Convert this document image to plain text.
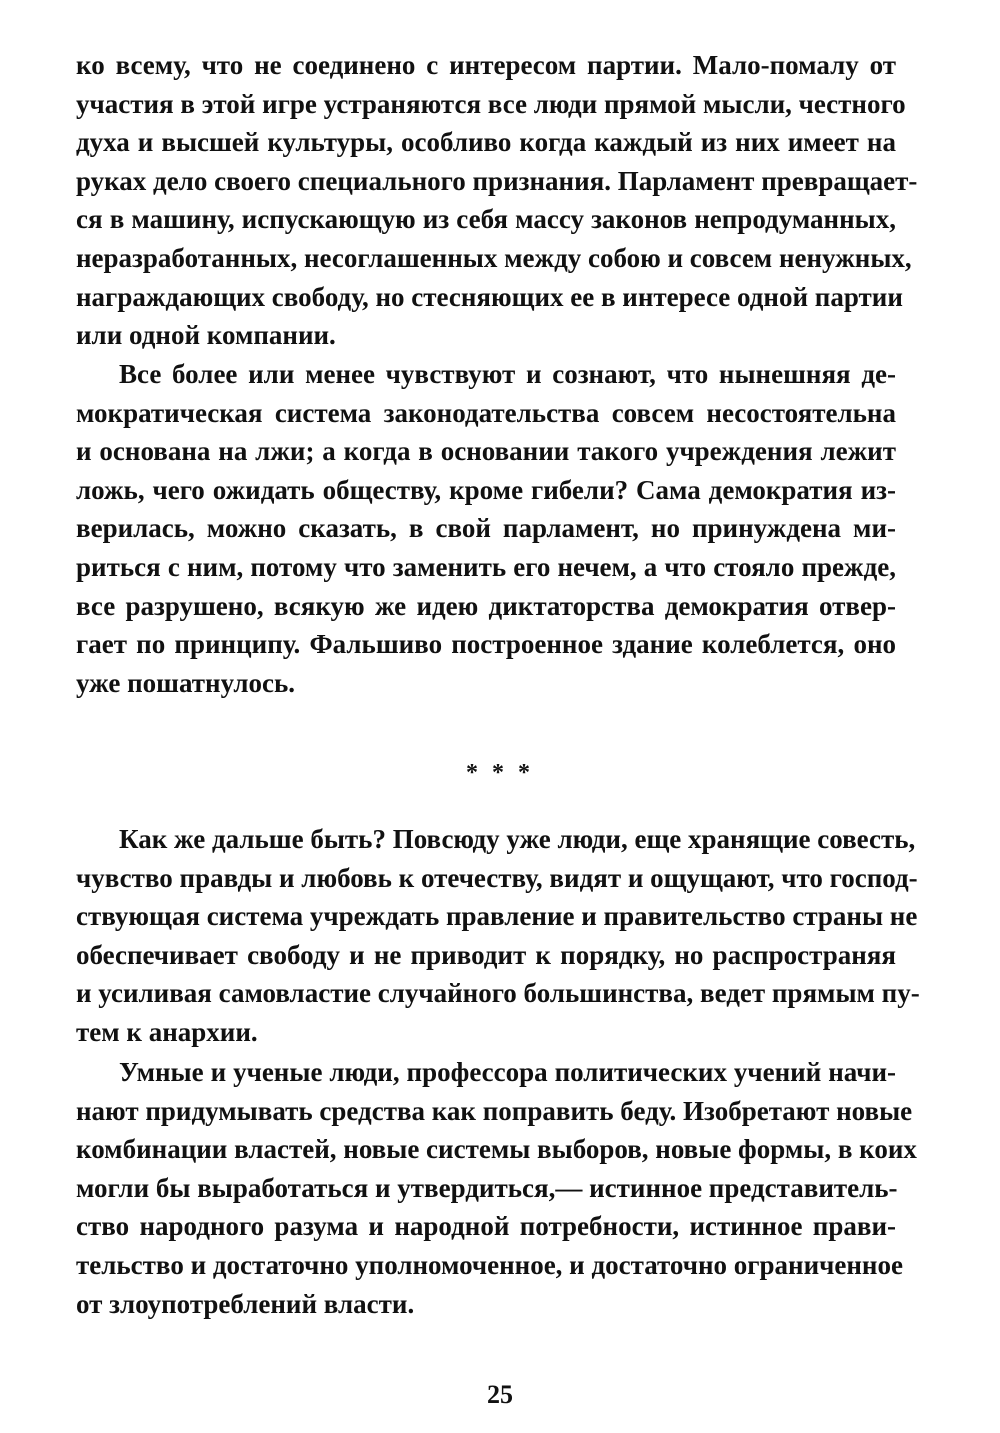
ко всему, что не соединено с интересом партии. Мало-помалу от
участия в этой игре устраняются все люди прямой мысли, честного
духа и высшей культуры, особливо когда каждый из них имеет на
руках дело своего специального признания. Парламент превращает-
ся в машину, испускающую из себя массу законов непродуманных,
неразработанных, несоглашенных между собою и совсем ненужных,
награждающих свободу, но стесняющих ее в интересе одной партии
или одной компании.
Все более или менее чувствуют и сознают, что нынешняя де-
мократическая система законодательства совсем несостоятельна
и основана на лжи; а когда в основании такого учреждения лежит
ложь, чего ожидать обществу, кроме гибели? Сама демократия из-
верилась, можно сказать, в свой парламент, но принуждена ми-
риться с ним, потому что заменить его нечем, а что стояло прежде,
все разрушено, всякую же идею диктаторства демократия отвер-
гает по принципу. Фальшиво построенное здание колеблется, оно
уже пошатнулось.
* * *
Как же дальше быть? Повсюду уже люди, еще хранящие совесть,
чувство правды и любовь к отечеству, видят и ощущают, что господ-
ствующая система учреждать правление и правительство страны не
обеспечивает свободу и не приводит к порядку, но распространяя
и усиливая самовластие случайного большинства, ведет прямым пу-
тем к анархии.
Умные и ученые люди, профессора политических учений начи-
нают придумывать средства как поправить беду. Изобретают новые
комбинации властей, новые системы выборов, новые формы, в коих
могли бы выработаться и утвердиться,— истинное представитель-
ство народного разума и народной потребности, истинное прави-
тельство и достаточно уполномоченное, и достаточно ограниченное
от злоупотреблений власти.
25
